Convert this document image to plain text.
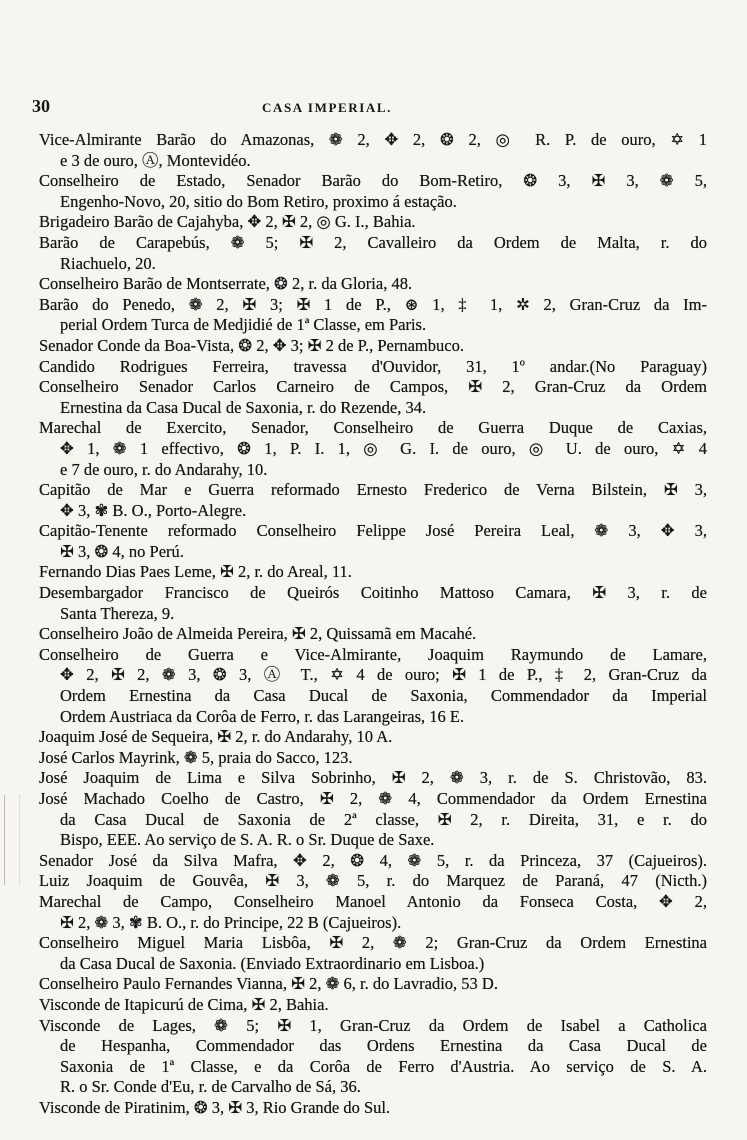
30	CASA IMPERIAL.
Vice-Almirante Barão do Amazonas, ❁ 2, ✥ 2, ❂ 2, ◎ R. P. de ouro, ✡ 1
e 3 de ouro, Ⓐ, Montevidéo.
Conselheiro de Estado, Senador Barão do Bom-Retiro, ❂ 3, ✠ 3, ❁ 5,
Engenho-Novo, 20, sitio do Bom Retiro, proximo á estação.
Brigadeiro Barão de Cajahyba, ✥ 2, ✠ 2, ◎ G. I., Bahia.
Barão de Carapebús, ❁ 5; ✠ 2, Cavalleiro da Ordem de Malta, r. do
Riachuelo, 20.
Conselheiro Barão de Montserrate, ❂ 2, r. da Gloria, 48.
Barão do Penedo, ❁ 2, ✠ 3; ✠ 1 de P., ⊛ 1, ‡ 1, ✲ 2, Gran-Cruz da Im-
perial Ordem Turca de Medjidié de 1ª Classe, em Paris.
Senador Conde da Boa-Vista, ❂ 2, ✥ 3; ✠ 2 de P., Pernambuco.
Candido Rodrigues Ferreira, travessa d'Ouvidor, 31, 1º andar.(No Paraguay)
Conselheiro Senador Carlos Carneiro de Campos, ✠ 2, Gran-Cruz da Ordem
Ernestina da Casa Ducal de Saxonia, r. do Rezende, 34.
Marechal de Exercito, Senador, Conselheiro de Guerra Duque de Caxias,
✥ 1, ❁ 1 effectivo, ❂ 1, P. I. 1, ◎ G. I. de ouro, ◎ U. de ouro, ✡ 4
e 7 de ouro, r. do Andarahy, 10.
Capitão de Mar e Guerra reformado Ernesto Frederico de Verna Bilstein, ✠ 3,
✥ 3, ✾ B. O., Porto-Alegre.
Capitão-Tenente reformado Conselheiro Felippe José Pereira Leal, ❁ 3, ✥ 3,
✠ 3, ❂ 4, no Perú.
Fernando Dias Paes Leme, ✠ 2, r. do Areal, 11.
Desembargador Francisco de Queirós Coitinho Mattoso Camara, ✠ 3, r. de
Santa Thereza, 9.
Conselheiro João de Almeida Pereira, ✠ 2, Quissamã em Macahé.
Conselheiro de Guerra e Vice-Almirante, Joaquim Raymundo de Lamare,
✥ 2, ✠ 2, ❁ 3, ❂ 3, Ⓐ T., ✡ 4 de ouro; ✠ 1 de P., ‡ 2, Gran-Cruz da
Ordem Ernestina da Casa Ducal de Saxonia, Commendador da Imperial
Ordem Austriaca da Corôa de Ferro, r. das Larangeiras, 16 E.
Joaquim José de Sequeira, ✠ 2, r. do Andarahy, 10 A.
José Carlos Mayrink, ❁ 5, praia do Sacco, 123.
José Joaquim de Lima e Silva Sobrinho, ✠ 2, ❁ 3, r. de S. Christovão, 83.
José Machado Coelho de Castro, ✠ 2, ❁ 4, Commendador da Ordem Ernestina
da Casa Ducal de Saxonia de 2ª classe, ✠ 2, r. Direita, 31, e r. do
Bispo, EEE. Ao serviço de S. A. R. o Sr. Duque de Saxe.
Senador José da Silva Mafra, ✥ 2, ❂ 4, ❁ 5, r. da Princeza, 37 (Cajueiros).
Luiz Joaquim de Gouvêa, ✠ 3, ❁ 5, r. do Marquez de Paraná, 47 (Nicth.)
Marechal de Campo, Conselheiro Manoel Antonio da Fonseca Costa, ✥ 2,
✠ 2, ❁ 3, ✾ B. O., r. do Principe, 22 B (Cajueiros).
Conselheiro Miguel Maria Lisbôa, ✠ 2, ❁ 2; Gran-Cruz da Ordem Ernestina
da Casa Ducal de Saxonia. (Enviado Extraordinario em Lisboa.)
Conselheiro Paulo Fernandes Vianna, ✠ 2, ❁ 6, r. do Lavradio, 53 D.
Visconde de Itapicurú de Cima, ✠ 2, Bahia.
Visconde de Lages, ❁ 5; ✠ 1, Gran-Cruz da Ordem de Isabel a Catholica
de Hespanha, Commendador das Ordens Ernestina da Casa Ducal de
Saxonia de 1ª Classe, e da Corôa de Ferro d'Austria. Ao serviço de S. A.
R. o Sr. Conde d'Eu, r. de Carvalho de Sá, 36.
Visconde de Piratinim, ❂ 3, ✠ 3, Rio Grande do Sul.
